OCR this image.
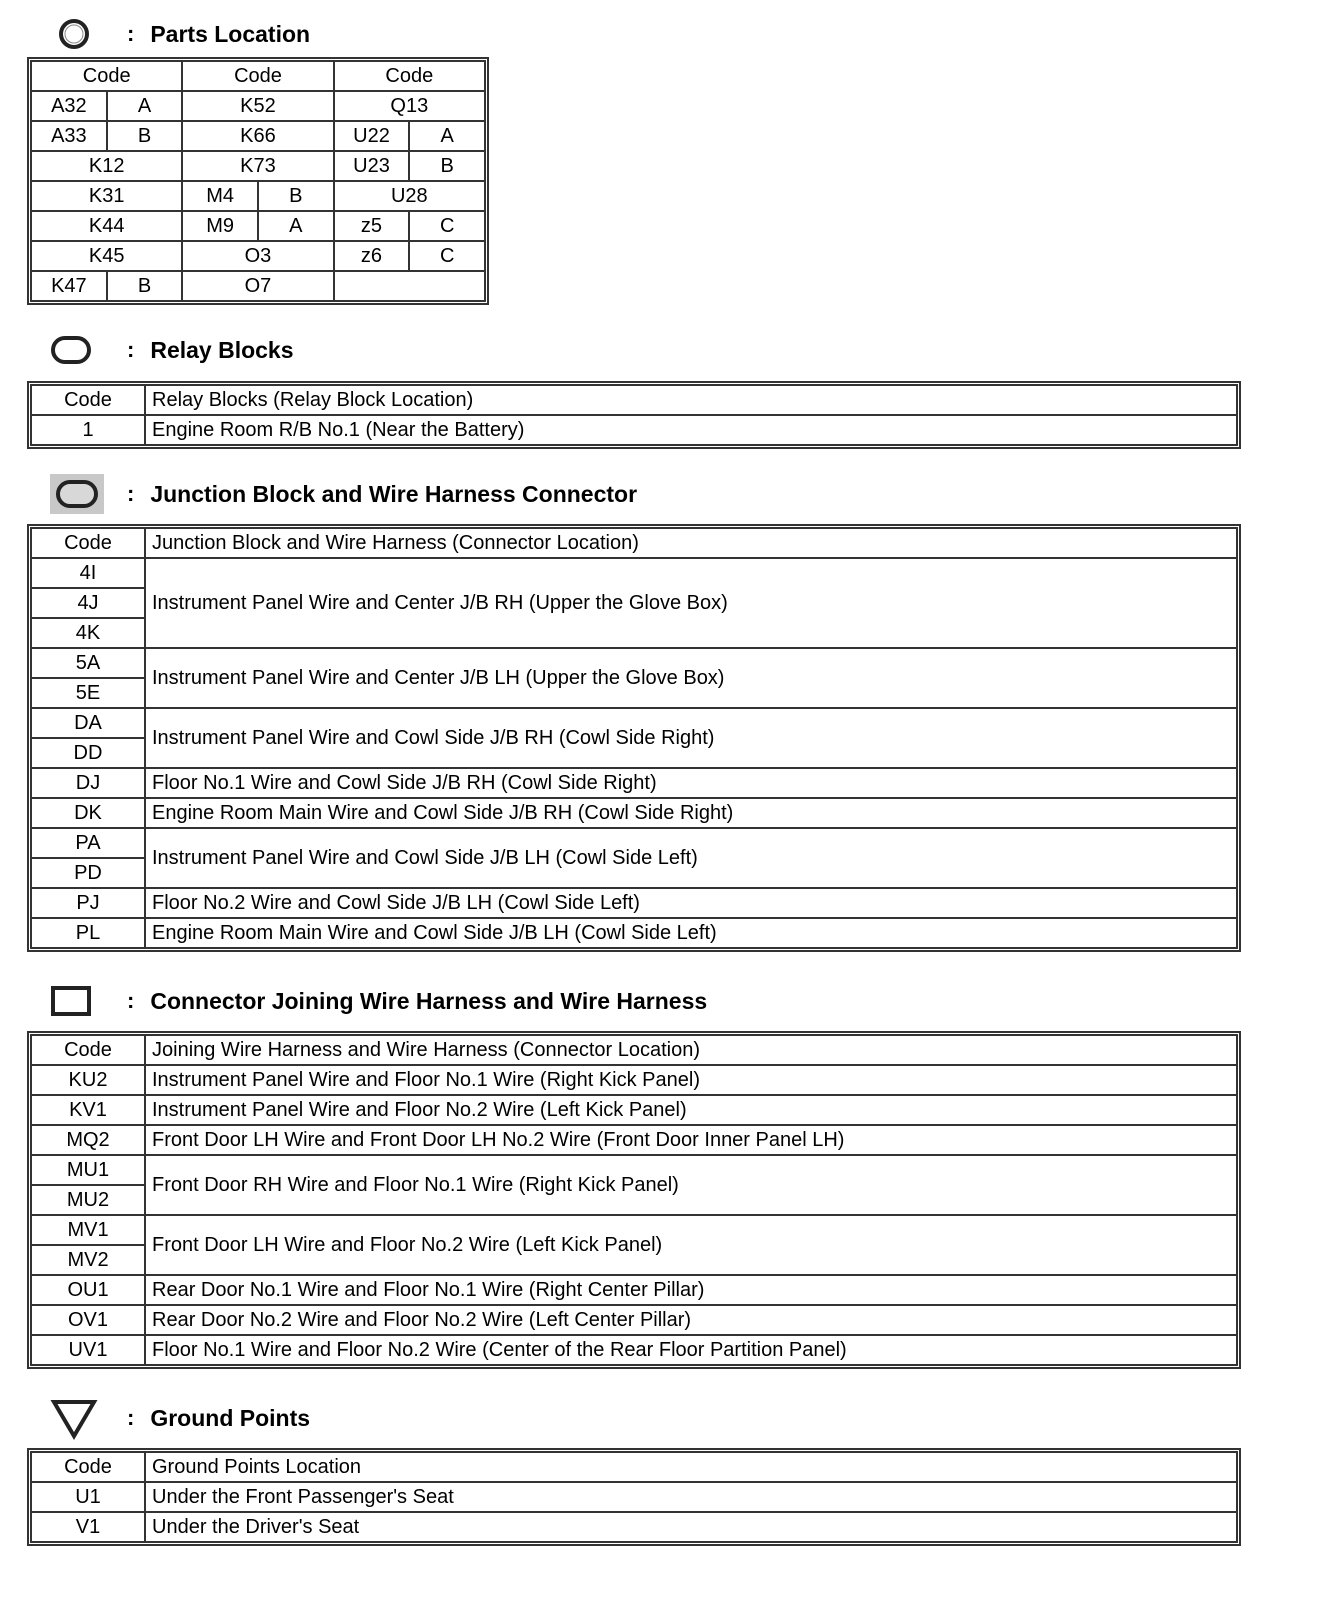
: Parts Location
Code		Code		Code	
A32	A	K52		Q13	
A33	B	K66		U22	A
K12		K73		U23	B
K31		M4	B	U28	
K44		M9	A	z5	C
K45		O3		z6	C
K47	B	O7			
: Relay Blocks
Code	Relay Blocks (Relay Block Location)
1	Engine Room R/B No.1 (Near the Battery)
: Junction Block and Wire Harness Connector
Code	Junction Block and Wire Harness (Connector Location)
4I	Instrument Panel Wire and Center J/B RH (Upper the Glove Box)
4J	
4K	
5A	Instrument Panel Wire and Center J/B LH (Upper the Glove Box)
5E	
DA	Instrument Panel Wire and Cowl Side J/B RH (Cowl Side Right)
DD	
DJ	Floor No.1 Wire and Cowl Side J/B RH (Cowl Side Right)
DK	Engine Room Main Wire and Cowl Side J/B RH (Cowl Side Right)
PA	Instrument Panel Wire and Cowl Side J/B LH (Cowl Side Left)
PD	
PJ	Floor No.2 Wire and Cowl Side J/B LH (Cowl Side Left)
PL	Engine Room Main Wire and Cowl Side J/B LH (Cowl Side Left)
: Connector Joining Wire Harness and Wire Harness
Code	Joining Wire Harness and Wire Harness (Connector Location)
KU2	Instrument Panel Wire and Floor No.1 Wire (Right Kick Panel)
KV1	Instrument Panel Wire and Floor No.2 Wire (Left Kick Panel)
MQ2	Front Door LH Wire and Front Door LH No.2 Wire (Front Door Inner Panel LH)
MU1	Front Door RH Wire and Floor No.1 Wire (Right Kick Panel)
MU2	
MV1	Front Door LH Wire and Floor No.2 Wire (Left Kick Panel)
MV2	
OU1	Rear Door No.1 Wire and Floor No.1 Wire (Right Center Pillar)
OV1	Rear Door No.2 Wire and Floor No.2 Wire (Left Center Pillar)
UV1	Floor No.1 Wire and Floor No.2 Wire (Center of the Rear Floor Partition Panel)
: Ground Points
Code	Ground Points Location
U1	Under the Front Passenger's Seat
V1	Under the Driver's Seat
